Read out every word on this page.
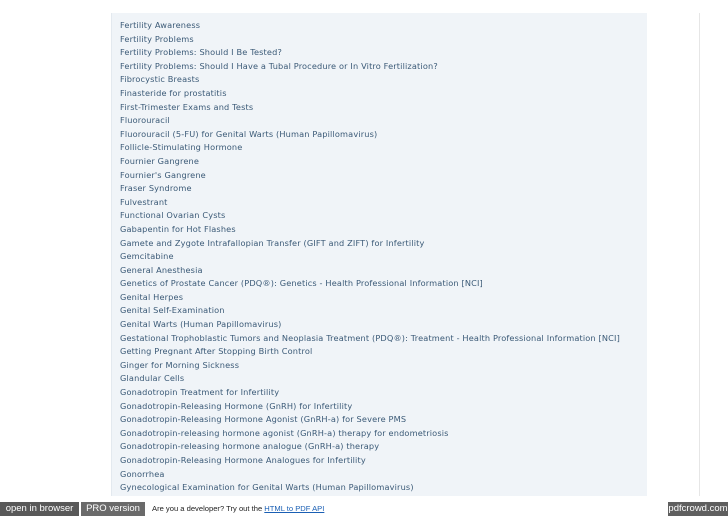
Fertility Awareness
Fertility Problems
Fertility Problems: Should I Be Tested?
Fertility Problems: Should I Have a Tubal Procedure or In Vitro Fertilization?
Fibrocystic Breasts
Finasteride for prostatitis
First-Trimester Exams and Tests
Fluorouracil
Fluorouracil (5-FU) for Genital Warts (Human Papillomavirus)
Follicle-Stimulating Hormone
Fournier Gangrene
Fournier's Gangrene
Fraser Syndrome
Fulvestrant
Functional Ovarian Cysts
Gabapentin for Hot Flashes
Gamete and Zygote Intrafallopian Transfer (GIFT and ZIFT) for Infertility
Gemcitabine
General Anesthesia
Genetics of Prostate Cancer (PDQ®): Genetics - Health Professional Information [NCI]
Genital Herpes
Genital Self-Examination
Genital Warts (Human Papillomavirus)
Gestational Trophoblastic Tumors and Neoplasia Treatment (PDQ®): Treatment - Health Professional Information [NCI]
Getting Pregnant After Stopping Birth Control
Ginger for Morning Sickness
Glandular Cells
Gonadotropin Treatment for Infertility
Gonadotropin-Releasing Hormone (GnRH) for Infertility
Gonadotropin-Releasing Hormone Agonist (GnRH-a) for Severe PMS
Gonadotropin-releasing hormone agonist (GnRH-a) therapy for endometriosis
Gonadotropin-releasing hormone analogue (GnRH-a) therapy
Gonadotropin-Releasing Hormone Analogues for Infertility
Gonorrhea
Gynecological Examination for Genital Warts (Human Papillomavirus)
open in browser	PRO version	Are you a developer? Try out the HTML to PDF API	pdfcrowd.com
